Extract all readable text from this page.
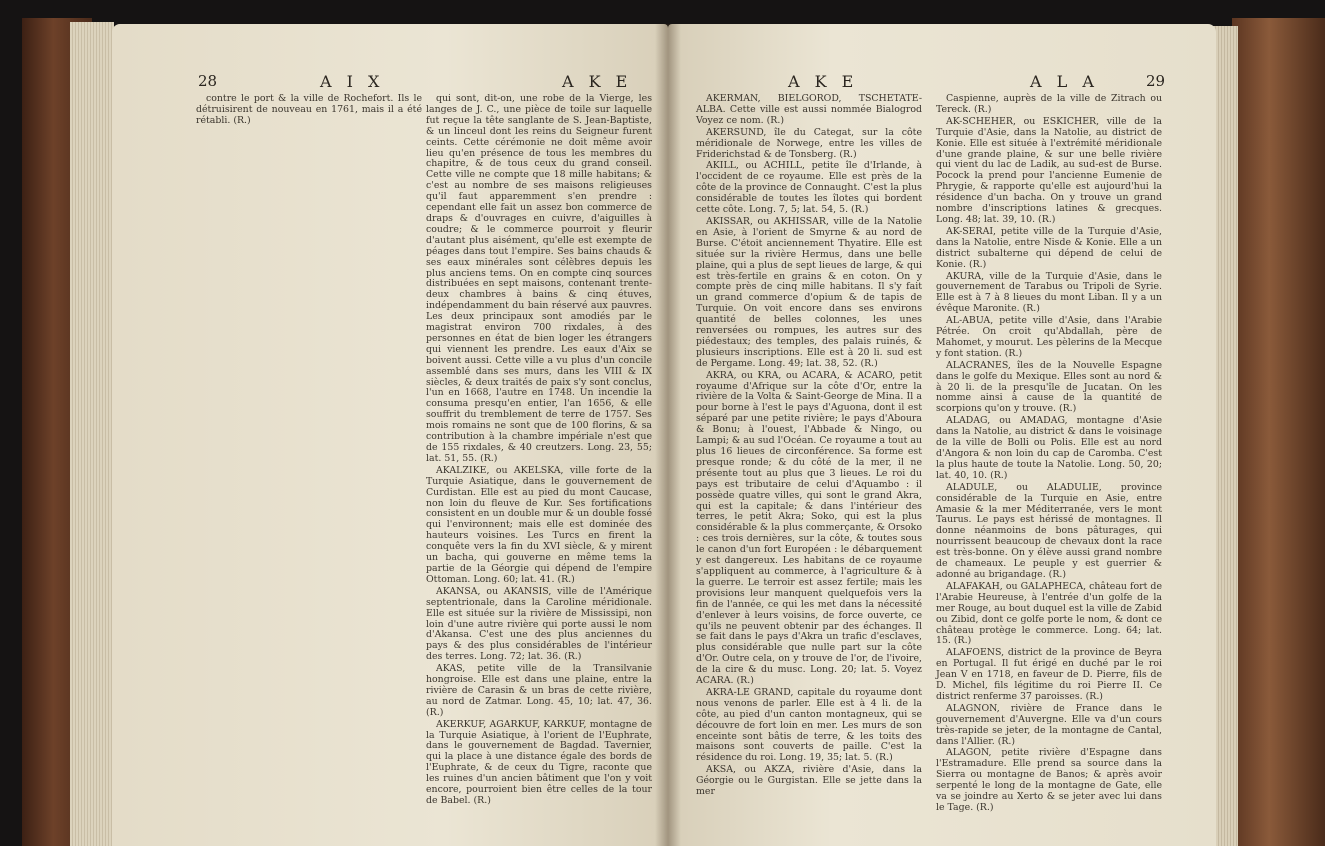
28	A I X	A K E

contre le port & la ville de Rochefort. Ils le détruisirent de nouveau en 1761, mais il a été rétabli. (R.)

qui sont, dit-on, une robe de la Vierge, les langes de J. C., une pièce de toile sur laquelle fut reçue la tête sanglante de S. Jean-Baptiste, & un linceul dont les reins du Seigneur furent ceints. Cette cérémonie ne doit même avoir lieu qu'en présence de tous les membres du chapitre, & de tous ceux du grand conseil. Cette ville ne compte que 18 mille habitans; & c'est au nombre de ses maisons religieuses qu'il faut apparemment s'en prendre : cependant elle fait un assez bon commerce de draps & d'ouvrages en cuivre, d'aiguilles à coudre; & le commerce pourroit y fleurir d'autant plus aisément, qu'elle est exempte de péages dans tout l'empire. Ses bains chauds & ses eaux minérales sont célèbres depuis les plus anciens tems. On en compte cinq sources distribuées en sept maisons, contenant trente-deux chambres à bains & cinq étuves, indépendamment du bain réservé aux pauvres. Les deux principaux sont amodiés par le magistrat environ 700 rixdales, à des personnes en état de bien loger les étrangers qui viennent les prendre. Les eaux d'Aix se boivent aussi. Cette ville a vu plus d'un concile assemblé dans ses murs, dans les VIII & IX siècles, & deux traités de paix s'y sont conclus, l'un en 1668, l'autre en 1748. Un incendie la consuma presqu'en entier, l'an 1656, & elle souffrit du tremblement de terre de 1757. Ses mois romains ne sont que de 100 florins, & sa contribution à la chambre impériale n'est que de 155 rixdales, & 40 creutzers. Long. 23, 55; lat. 51, 55. (R.)

AKALZIKE, ou AKELSKA, ville forte de la Turquie Asiatique, dans le gouvernement de Curdistan. Elle est au pied du mont Caucase, non loin du fleuve de Kur. Ses fortifications consistent en un double mur & un double fossé qui l'environnent; mais elle est dominée des hauteurs voisines. Les Turcs en firent la conquête vers la fin du XVI siècle, & y mirent un bacha, qui gouverne en même tems la partie de la Géorgie qui dépend de l'empire Ottoman. Long. 60; lat. 41. (R.)

AKANSA, ou AKANSIS, ville de l'Amérique septentrionale, dans la Caroline méridionale. Elle est située sur la rivière de Mississipi, non loin d'une autre rivière qui porte aussi le nom d'Akansa. C'est une des plus anciennes du pays & des plus considérables de l'intérieur des terres. Long. 72; lat. 36. (R.)

AKAS, petite ville de la Transilvanie hongroise. Elle est dans une plaine, entre la rivière de Carasin & un bras de cette rivière, au nord de Zatmar. Long. 45, 10; lat. 47, 36. (R.)

AKERKUF, AGARKUF, KARKUF, montagne de la Turquie Asiatique, à l'orient de l'Euphrate, dans le gouvernement de Bagdad. Tavernier, qui la place à une distance égale des bords de l'Euphrate, & de ceux du Tigre, raconte que les ruines d'un ancien bâtiment que l'on y voit encore, pourroient bien être celles de la tour de Babel. (R.)

A K E	A L A	29

AKERMAN, BIELGOROD, TSCHETATE-ALBA. Cette ville est aussi nommée Bialogrod Voyez ce nom. (R.)

AKERSUND, île du Categat, sur la côte méridionale de Norwege, entre les villes de Friderichstad & de Tonsberg. (R.)

AKILL, ou ACHILL, petite île d'Irlande, à l'occident de ce royaume. Elle est près de la côte de la province de Connaught. C'est la plus considérable de toutes les îlotes qui bordent cette côte. Long. 7, 5; lat. 54, 5. (R.)

AKISSAR, ou AKHISSAR, ville de la Natolie en Asie, à l'orient de Smyrne & au nord de Burse. C'étoit anciennement Thyatire. Elle est située sur la rivière Hermus, dans une belle plaine, qui a plus de sept lieues de large, & qui est très-fertile en grains & en coton. On y compte près de cinq mille habitans. Il s'y fait un grand commerce d'opium & de tapis de Turquie. On voit encore dans ses environs quantité de belles colonnes, les unes renversées ou rompues, les autres sur des piédestaux; des temples, des palais ruinés, & plusieurs inscriptions. Elle est à 20 li. sud est de Pergame. Long. 49; lat. 38, 52. (R.)

AKRA, ou KRA, ou ACARA, & ACARO, petit royaume d'Afrique sur la côte d'Or, entre la rivière de la Volta & Saint-George de Mina. Il a pour borne à l'est le pays d'Aguona, dont il est séparé par une petite rivière; le pays d'Aboura & Bonu; à l'ouest, l'Abbade & Ningo, ou Lampi; & au sud l'Océan. Ce royaume a tout au plus 16 lieues de circonférence. Sa forme est presque ronde; & du côté de la mer, il ne présente tout au plus que 3 lieues. Le roi du pays est tributaire de celui d'Aquambo : il possède quatre villes, qui sont le grand Akra, qui est la capitale; & dans l'intérieur des terres, le petit Akra; Soko, qui est la plus considérable & la plus commerçante, & Orsoko : ces trois dernières, sur la côte, & toutes sous le canon d'un fort Européen : le débarquement y est dangereux. Les habitans de ce royaume s'appliquent au commerce, à l'agriculture & à la guerre. Le terroir est assez fertile; mais les provisions leur manquent quelquefois vers la fin de l'année, ce qui les met dans la nécessité d'enlever à leurs voisins, de force ouverte, ce qu'ils ne peuvent obtenir par des échanges. Il se fait dans le pays d'Akra un trafic d'esclaves, plus considérable que nulle part sur la côte d'Or. Outre cela, on y trouve de l'or, de l'ivoire, de la cire & du musc. Long. 20; lat. 5. Voyez ACARA. (R.)

AKRA-LE GRAND, capitale du royaume dont nous venons de parler. Elle est à 4 li. de la côte, au pied d'un canton montagneux, qui se découvre de fort loin en mer. Les murs de son enceinte sont bâtis de terre, & les toits des maisons sont couverts de paille. C'est la résidence du roi. Long. 19, 35; lat. 5. (R.)

AKSA, ou AKZA, rivière d'Asie, dans la Géorgie ou le Gurgistan. Elle se jette dans la mer

Caspienne, auprès de la ville de Zitrach ou Tereck. (R.)

AK-SCHEHER, ou ESKICHER, ville de la Turquie d'Asie, dans la Natolie, au district de Konie. Elle est située à l'extrémité méridionale d'une grande plaine, & sur une belle rivière qui vient du lac de Ladik, au sud-est de Burse. Pocock la prend pour l'ancienne Eumenie de Phrygie, & rapporte qu'elle est aujourd'hui la résidence d'un bacha. On y trouve un grand nombre d'inscriptions latines & grecques. Long. 48; lat. 39, 10. (R.)

AK-SERAI, petite ville de la Turquie d'Asie, dans la Natolie, entre Nisde & Konie. Elle a un district subalterne qui dépend de celui de Konie. (R.)

AKURA, ville de la Turquie d'Asie, dans le gouvernement de Tarabus ou Tripoli de Syrie. Elle est à 7 à 8 lieues du mont Liban. Il y a un évêque Maronite. (R.)

AL-ABUA, petite ville d'Asie, dans l'Arabie Pétrée. On croit qu'Abdallah, père de Mahomet, y mourut. Les pèlerins de la Mecque y font station. (R.)

ALACRANES, îles de la Nouvelle Espagne dans le golfe du Mexique. Elles sont au nord & à 20 li. de la presqu'île de Jucatan. On les nomme ainsi à cause de la quantité de scorpions qu'on y trouve. (R.)

ALADAG, ou AMADAG, montagne d'Asie dans la Natolie, au district & dans le voisinage de la ville de Bolli ou Polis. Elle est au nord d'Angora & non loin du cap de Caromba. C'est la plus haute de toute la Natolie. Long. 50, 20; lat. 40, 10. (R.)

ALADULE, ou ALADULIE, province considérable de la Turquie en Asie, entre Amasie & la mer Méditerranée, vers le mont Taurus. Le pays est hérissé de montagnes. Il donne néanmoins de bons pâturages, qui nourrissent beaucoup de chevaux dont la race est très-bonne. On y élève aussi grand nombre de chameaux. Le peuple y est guerrier & adonné au brigandage. (R.)

ALAFAKAH, ou GALAPHECA, château fort de l'Arabie Heureuse, à l'entrée d'un golfe de la mer Rouge, au bout duquel est la ville de Zabid ou Zibid, dont ce golfe porte le nom, & dont ce château protège le commerce. Long. 64; lat. 15. (R.)

ALAFOENS, district de la province de Beyra en Portugal. Il fut érigé en duché par le roi Jean V en 1718, en faveur de D. Pierre, fils de D. Michel, fils légitime du roi Pierre II. Ce district renferme 37 paroisses. (R.)

ALAGNON, rivière de France dans le gouvernement d'Auvergne. Elle va d'un cours très-rapide se jeter, de la montagne de Cantal, dans l'Allier. (R.)

ALAGON, petite rivière d'Espagne dans l'Estramadure. Elle prend sa source dans la Sierra ou montagne de Banos; & après avoir serpenté le long de la montagne de Gate, elle va se joindre au Xerto & se jeter avec lui dans le Tage. (R.)
